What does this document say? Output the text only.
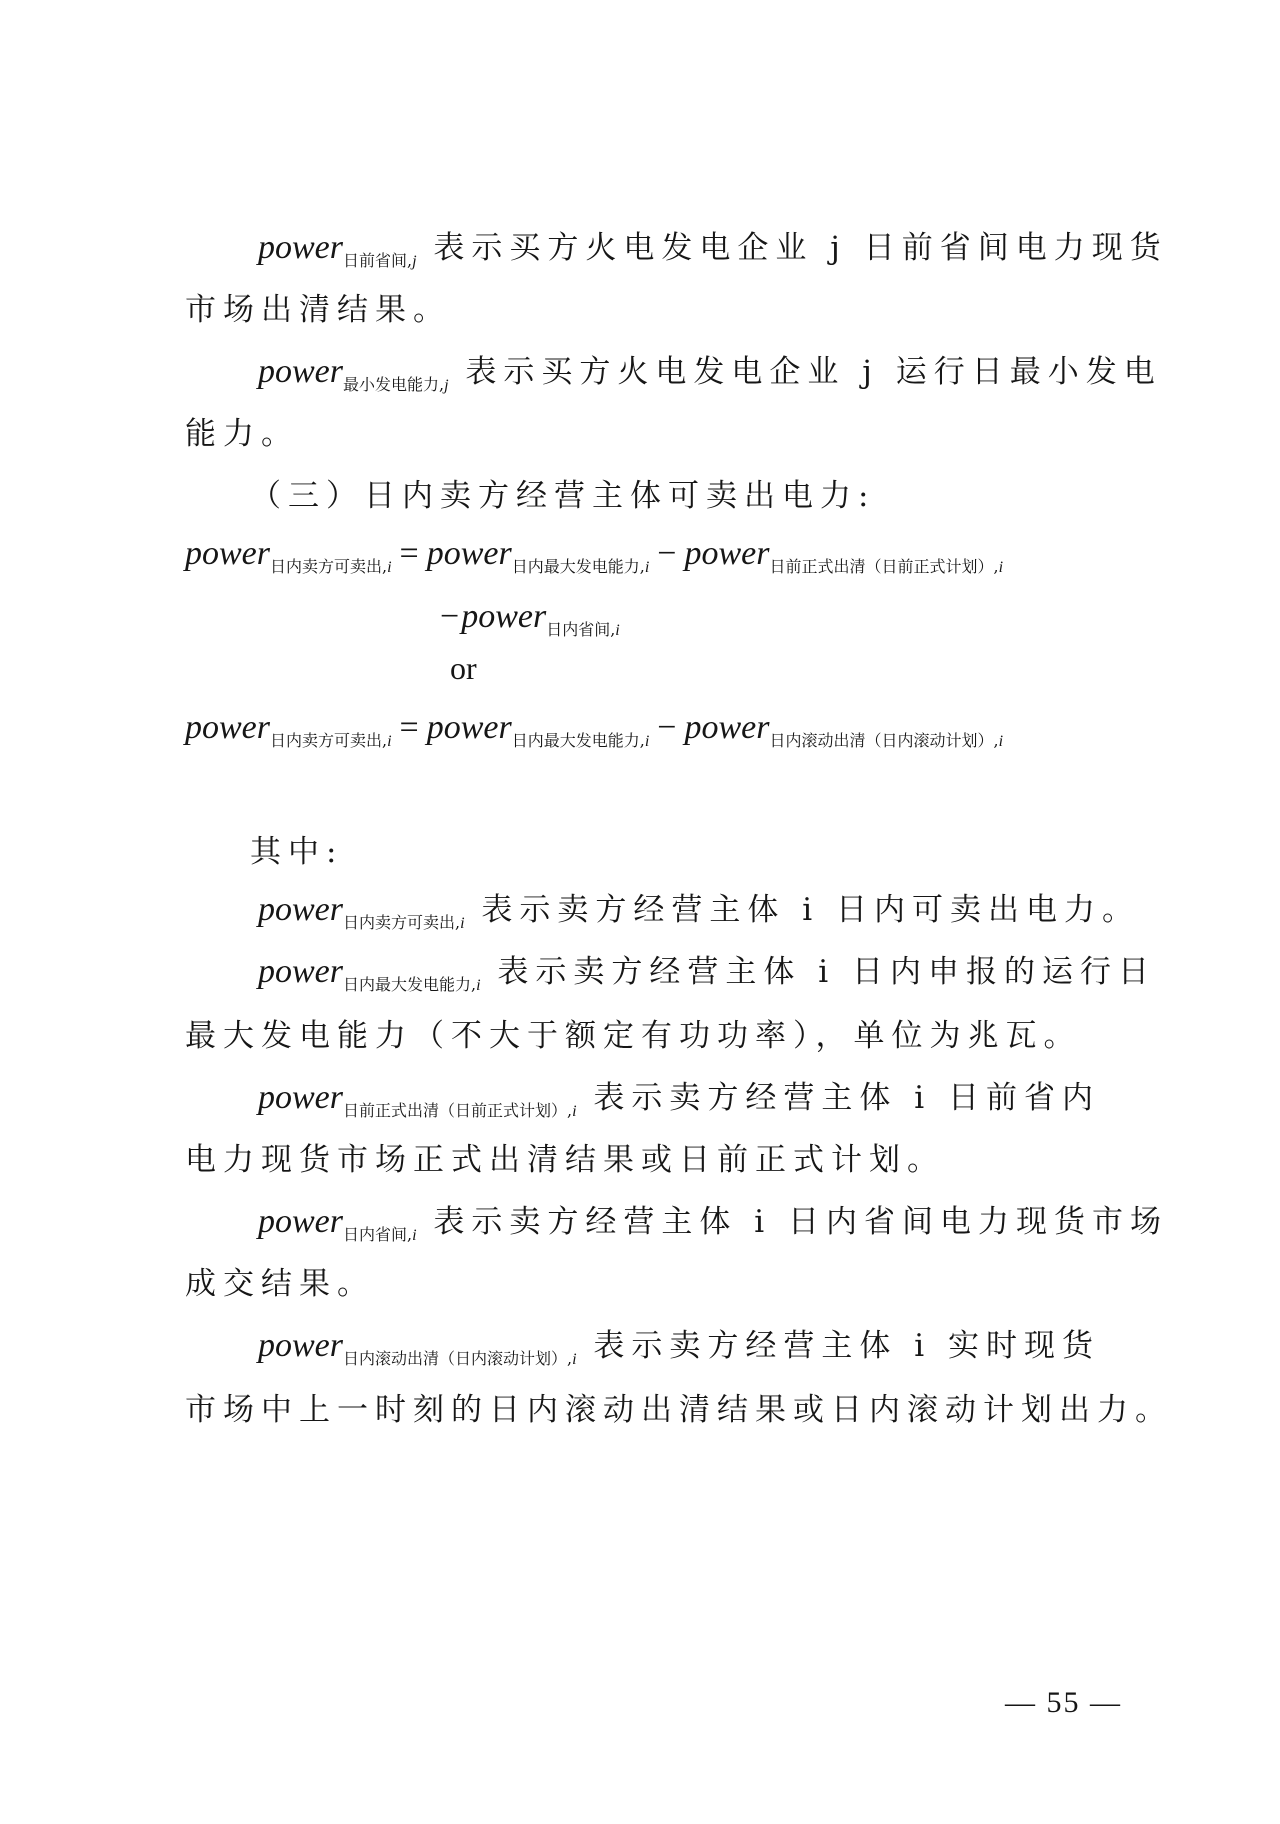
power$_{日前省间,j}$ 表示买方火电发电企业 j 日前省间电力现货
市场出清结果。
power$_{最小发电能力,j}$ 表示买方火电发电企业 j 运行日最小发电
能力。
（三）日内卖方经营主体可卖出电力:
power$_{日内卖方可卖出,i}$ = power$_{日内最大发电能力,i}$ − power$_{日前正式出清(日前正式计划),i}$
−power$_{日内省间,i}$
or
power$_{日内卖方可卖出,i}$ = power$_{日内最大发电能力,i}$ − power$_{日内滚动出清(日内滚动计划),i}$
其中:
power$_{日内卖方可卖出,i}$ 表示卖方经营主体 i 日内可卖出电力。
power$_{日内最大发电能力,i}$ 表示卖方经营主体 i 日内申报的运行日
最大发电能力（不大于额定有功功率），单位为兆瓦。
power$_{日前正式出清(日前正式计划),i}$ 表示卖方经营主体 i 日前省内
电力现货市场正式出清结果或日前正式计划。
power$_{日内省间,i}$ 表示卖方经营主体 i 日内省间电力现货市场
成交结果。
power$_{日内滚动出清(日内滚动计划),i}$ 表示卖方经营主体 i 实时现货
市场中上一时刻的日内滚动出清结果或日内滚动计划出力。
— 55 —
